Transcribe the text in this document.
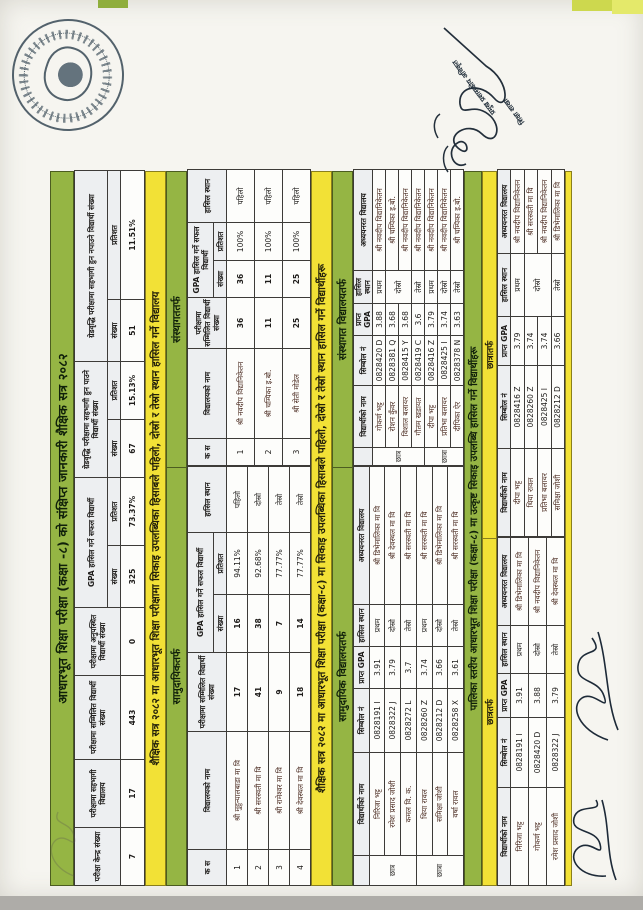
आधारभूत शिक्षा परीक्षा (कक्षा -८) को संक्षिप्त जानकारी शैक्षिक सत्र २०८२
परीक्षा केन्द्र संख्या	परीक्षामा सहभागी विद्यालय	परीक्षामा सम्मिलित विद्यार्थी संख्या	परीक्षामा अनुपस्थित विद्यार्थी संख्या	GPA हासिल गर्ने सफल विद्यार्थी		ग्रेडवृद्धि परीक्षामा सहभागी हुन पाउने विद्यार्थी संख्या		ग्रेडवृद्धि परीक्षामा सहभागी हुन नपाउने विद्यार्थी संख्या	
				संख्या	प्रतिशत	संख्या	प्रतिशत	संख्या	प्रतिशत
7	17	443	0	325	73.37%	67	15.13%	51	11.51%
शैक्षिक सत्र २०८२ मा आधारभूत शिक्षा परीक्षामा सिकाइ उपलब्धिका हिसाबले पहिलो, दोस्रो र तेस्रो स्थान हासिल गर्ने विद्यालय सामुदायिकतर्फ
संस्थागततर्फ
क स	विद्यालयको नाम	परीक्षामा सम्मिलित विद्यार्थी संख्या	GPA हासिल गर्ने सफल विद्यार्थी		हासिल स्थान
			संख्या	प्रतिशत	
1	श्री मुहुन्यालबाडा मा वि	17	16	94.11%	पहिलो
2	श्री सरस्वती मा वि	41	38	92.68%	दोस्रो
3	श्री रामेश्वर मा वि	9	7	77.77%	तेस्रो
4	श्री देवस्थल मा वि	18	14	77.77%	तेस्रो
क स	विद्यालयको नाम	परीक्षामा सम्मिलित विद्यार्थी संख्या	GPA हासिल गर्ने सफल विद्यार्थी		हासिल स्थान
			संख्या	प्रतिशत	
1	श्री नवदीप विद्यानिकेतन	36	36	100%	पहिलो
2	श्री चम्पिका इ.बो.	11	11	100%	पहिलो
3	श्री सेती मोडेल	25	25	100%	पहिलो
शैक्षिक सत्र २०८२ मा आधारभूत शिक्षा परीक्षा (कक्षा-८) मा सिकाइ उपलब्धिका हिसाबले पहिलो, दोस्रो र तेस्रो स्थान हासिल गर्ने विद्यार्थीहरू सामुदायिक विद्यालयतर्फ
संस्थागत विद्यालयतर्फ
	विद्यार्थीको नाम	सिम्बोल नं	प्राप्त GPA	हासिल स्थान	अध्ययनरत विद्यालय
छात्र	निरिजा भट्ट	0828191 I	3.91	प्रथम	श्री डिभेमालिका मा वि
	रमेश प्रसाद जोशी	0828322 J	3.79	दोस्रो	श्री देवस्थल मा वि
	कमल वि. क.	0828272 L	3.7	तेस्रो	श्री सरस्वती मा वि
छात्रा	थिया रावल	0828260 Z	3.74	प्रथम	श्री सरस्वती मा वि
	समिक्षा जोशी	0828212 D	3.66	दोस्रो	श्री डिभेमालिका मा वि
	वर्षा रावल	0828258 X	3.61	तेस्रो	श्री सरस्वती मा वि
	विद्यार्थीको नाम	सिम्बोल नं	प्राप्त GPA	हासिल स्थान	अध्ययनरत विद्यालय
छात्र	गोकर्ण भट्ट	0828420 D	3.88	प्रथम	श्री नवदीप विद्यानिकेतन
	रोशन कुँवर	0828381 Q	3.68	दोस्रो	श्री चम्पिका इ.बो.
	विशाल बलायर	0828415 Y	3.68		श्री नवदीप विद्यानिकेतन
	गौतम खडायत	0828419 C	3.6	तेस्रो	श्री नवदीप विद्यानिकेतन
छात्रा	दीपा भट्ट	0828416 Z	3.79	प्रथम	श्री नवदीप विद्यानिकेतन
	प्रतिभा बलायर	0828425 I	3.74	दोस्रो	श्री नवदीप विद्यानिकेतन
	दीपिका ऐर	0828378 N	3.63	तेस्रो	श्री चम्पिका इ.बो.
पालिका स्तरीय आधारभूत शिक्षा परीक्षा (कक्षा-८) मा उत्कृष्ट सिकाइ उपलब्धि हासिल गर्ने विद्यार्थीहरू
छात्रतर्फ
छात्रातर्फ
विद्यार्थीको नाम	सिम्बोल नं	प्राप्त GPA	हासिल स्थान	अध्ययनरत विद्यालय
निरिजा भट्ट	0828191 I	3.91	प्रथम	श्री डिभेमालिका मा वि
गोकर्ण भट्ट	0828420 D	3.88	दोस्रो	श्री नवदीप विद्यानिकेतन
रमेश प्रसाद जोशी	0828322 J	3.79	तेस्रो	श्री देवस्थल मा वि
विद्यार्थीको नाम	सिम्बोल नं	प्राप्त GPA	हासिल स्थान	अध्ययनरत विद्यालय
दीपा भट्ट	0828416 Z	3.79	प्रथम	श्री नवदीप विद्यानिकेतन
थिया रावल	0828260 Z	3.74	दोस्रो	श्री सरस्वती मा वि
प्रतिभा बलायर	0828425 I	3.74		श्री नवदीप विद्यानिकेतन
समिक्षा जोशी	0828212 D	3.66	तेस्रो	श्री डिभेमालिका मा वि
प्रमुख प्रशासकीय अधिकृत शिक्षा शाखा
